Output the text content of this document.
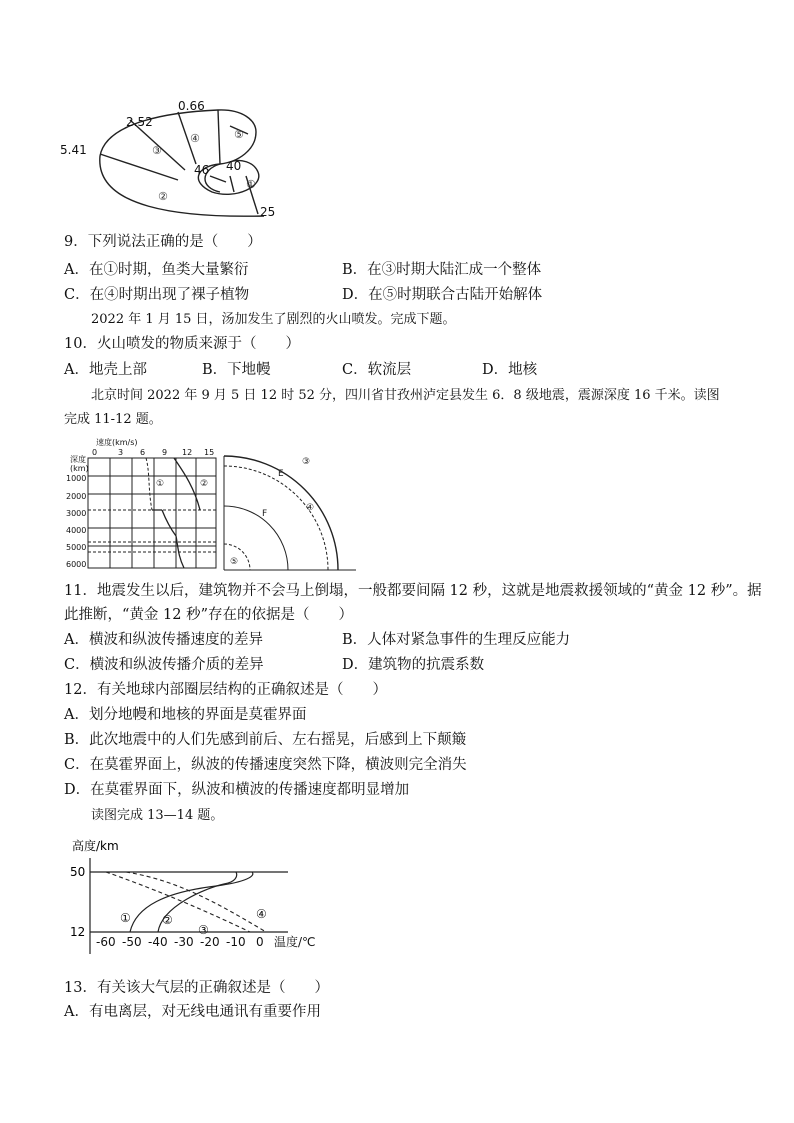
0.66
2.52
5.41
46 40
25
①
②
③
④	⑤
9．下列说法正确的是（　　）
A．在①时期，鱼类大量繁衍	B．在③时期大陆汇成一个整体
C．在④时期出现了裸子植物	D．在⑤时期联合古陆开始解体
2022 年 1 月 15 日，汤加发生了剧烈的火山喷发。完成下题。
10．火山喷发的物质来源于（　　）
A．地壳上部	B．下地幔	C．软流层	D．地核
北京时间 2022 年 9 月 5 日 12 时 52 分，四川省甘孜州泸定县发生 6．8 级地震，震源深度 16 千米。读图
完成 11-12 题。
速度(km/s)
0	3 6 9 12 15
深度
(km)
1000
2000
3000
4000
5000
6000
①	②
③
E
④
F
⑤
11．地震发生以后，建筑物并不会马上倒塌，一般都要间隔 12 秒，这就是地震救援领域的“黄金 12 秒”。据
此推断，“黄金 12 秒”存在的依据是（　　）
A．横波和纵波传播速度的差异	B．人体对紧急事件的生理反应能力
C．横波和纵波传播介质的差异	D．建筑物的抗震系数
12．有关地球内部圈层结构的正确叙述是（　　）
A．划分地幔和地核的界面是莫霍界面
B．此次地震中的人们先感到前后、左右摇晃，后感到上下颠簸
C．在莫霍界面上，纵波的传播速度突然下降，横波则完全消失
D．在莫霍界面下，纵波和横波的传播速度都明显增加
读图完成 13—14 题。
高度/km
50
12
①	②
③
④
-60 -50 -40 -30 -20 -10 0 温度/℃
13．有关该大气层的正确叙述是（　　）
A．有电离层，对无线电通讯有重要作用
